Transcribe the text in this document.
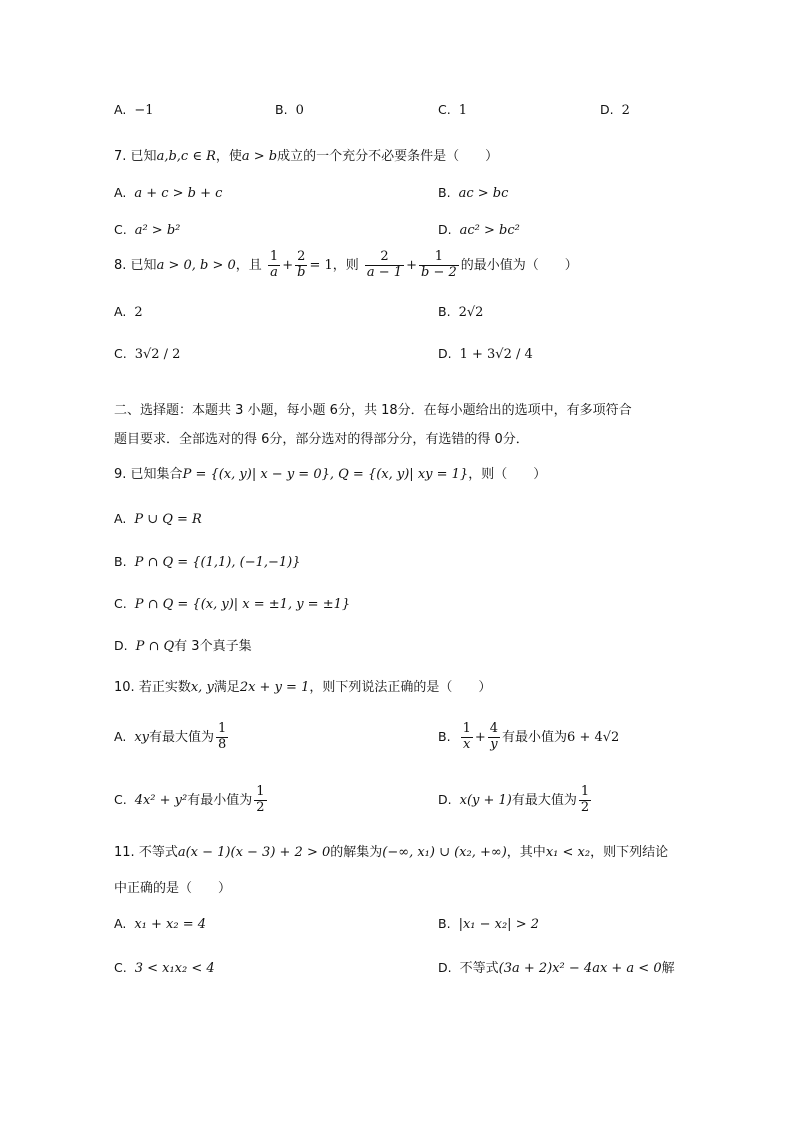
A. −1	B. 0	C. 1	D. 2
7. 已知a,b,c ∈ R，使a > b成立的一个充分不必要条件是（　　）
A. a + c > b + c	B. ac > bc
C. a² > b²	D. ac² > bc²
8. 已知a > 0, b > 0，且 $\frac{1}{a} + \frac{2}{b} = 1$，则 $\frac{2}{a - 1} + \frac{1}{b - 2}$ 的最小值为（　　）
A. 2	B. 2√2
C. 3√2 / 2	D. 1 + 3√2 / 4
二、选择题：本题共 3 小题，每小题 6分，共 18分．在每小题给出的选项中，有多项符合
题目要求．全部选对的得 6分，部分选对的得部分分，有选错的得 0分．
9. 已知集合P = {(x, y)| x − y = 0}, Q = {(x, y)| xy = 1}，则（　　）
A. P ∪ Q = R
B. P ∩ Q = {(1,1), (−1,−1)}
C. P ∩ Q = {(x, y)| x = ±1, y = ±1}
D. P ∩ Q有 3个真子集
10. 若正实数x, y满足2x + y = 1，则下列说法正确的是（　　）
A. xy有最大值为 $\frac{1}{8}$	B. $\frac{1}{x} + \frac{4}{y}$ 有最小值为6 + 4√2
C. 4x² + y²有最小值为 $\frac{1}{2}$	D. x(y + 1)有最大值为 $\frac{1}{2}$
11. 不等式a(x − 1)(x − 3) + 2 > 0的解集为(−∞, x₁) ∪ (x₂, +∞)，其中x₁ < x₂，则下列结论
中正确的是（　　）
A. x₁ + x₂ = 4	B. |x₁ − x₂| > 2
C. 3 < x₁x₂ < 4	D. 不等式(3a + 2)x² − 4ax + a < 0解
